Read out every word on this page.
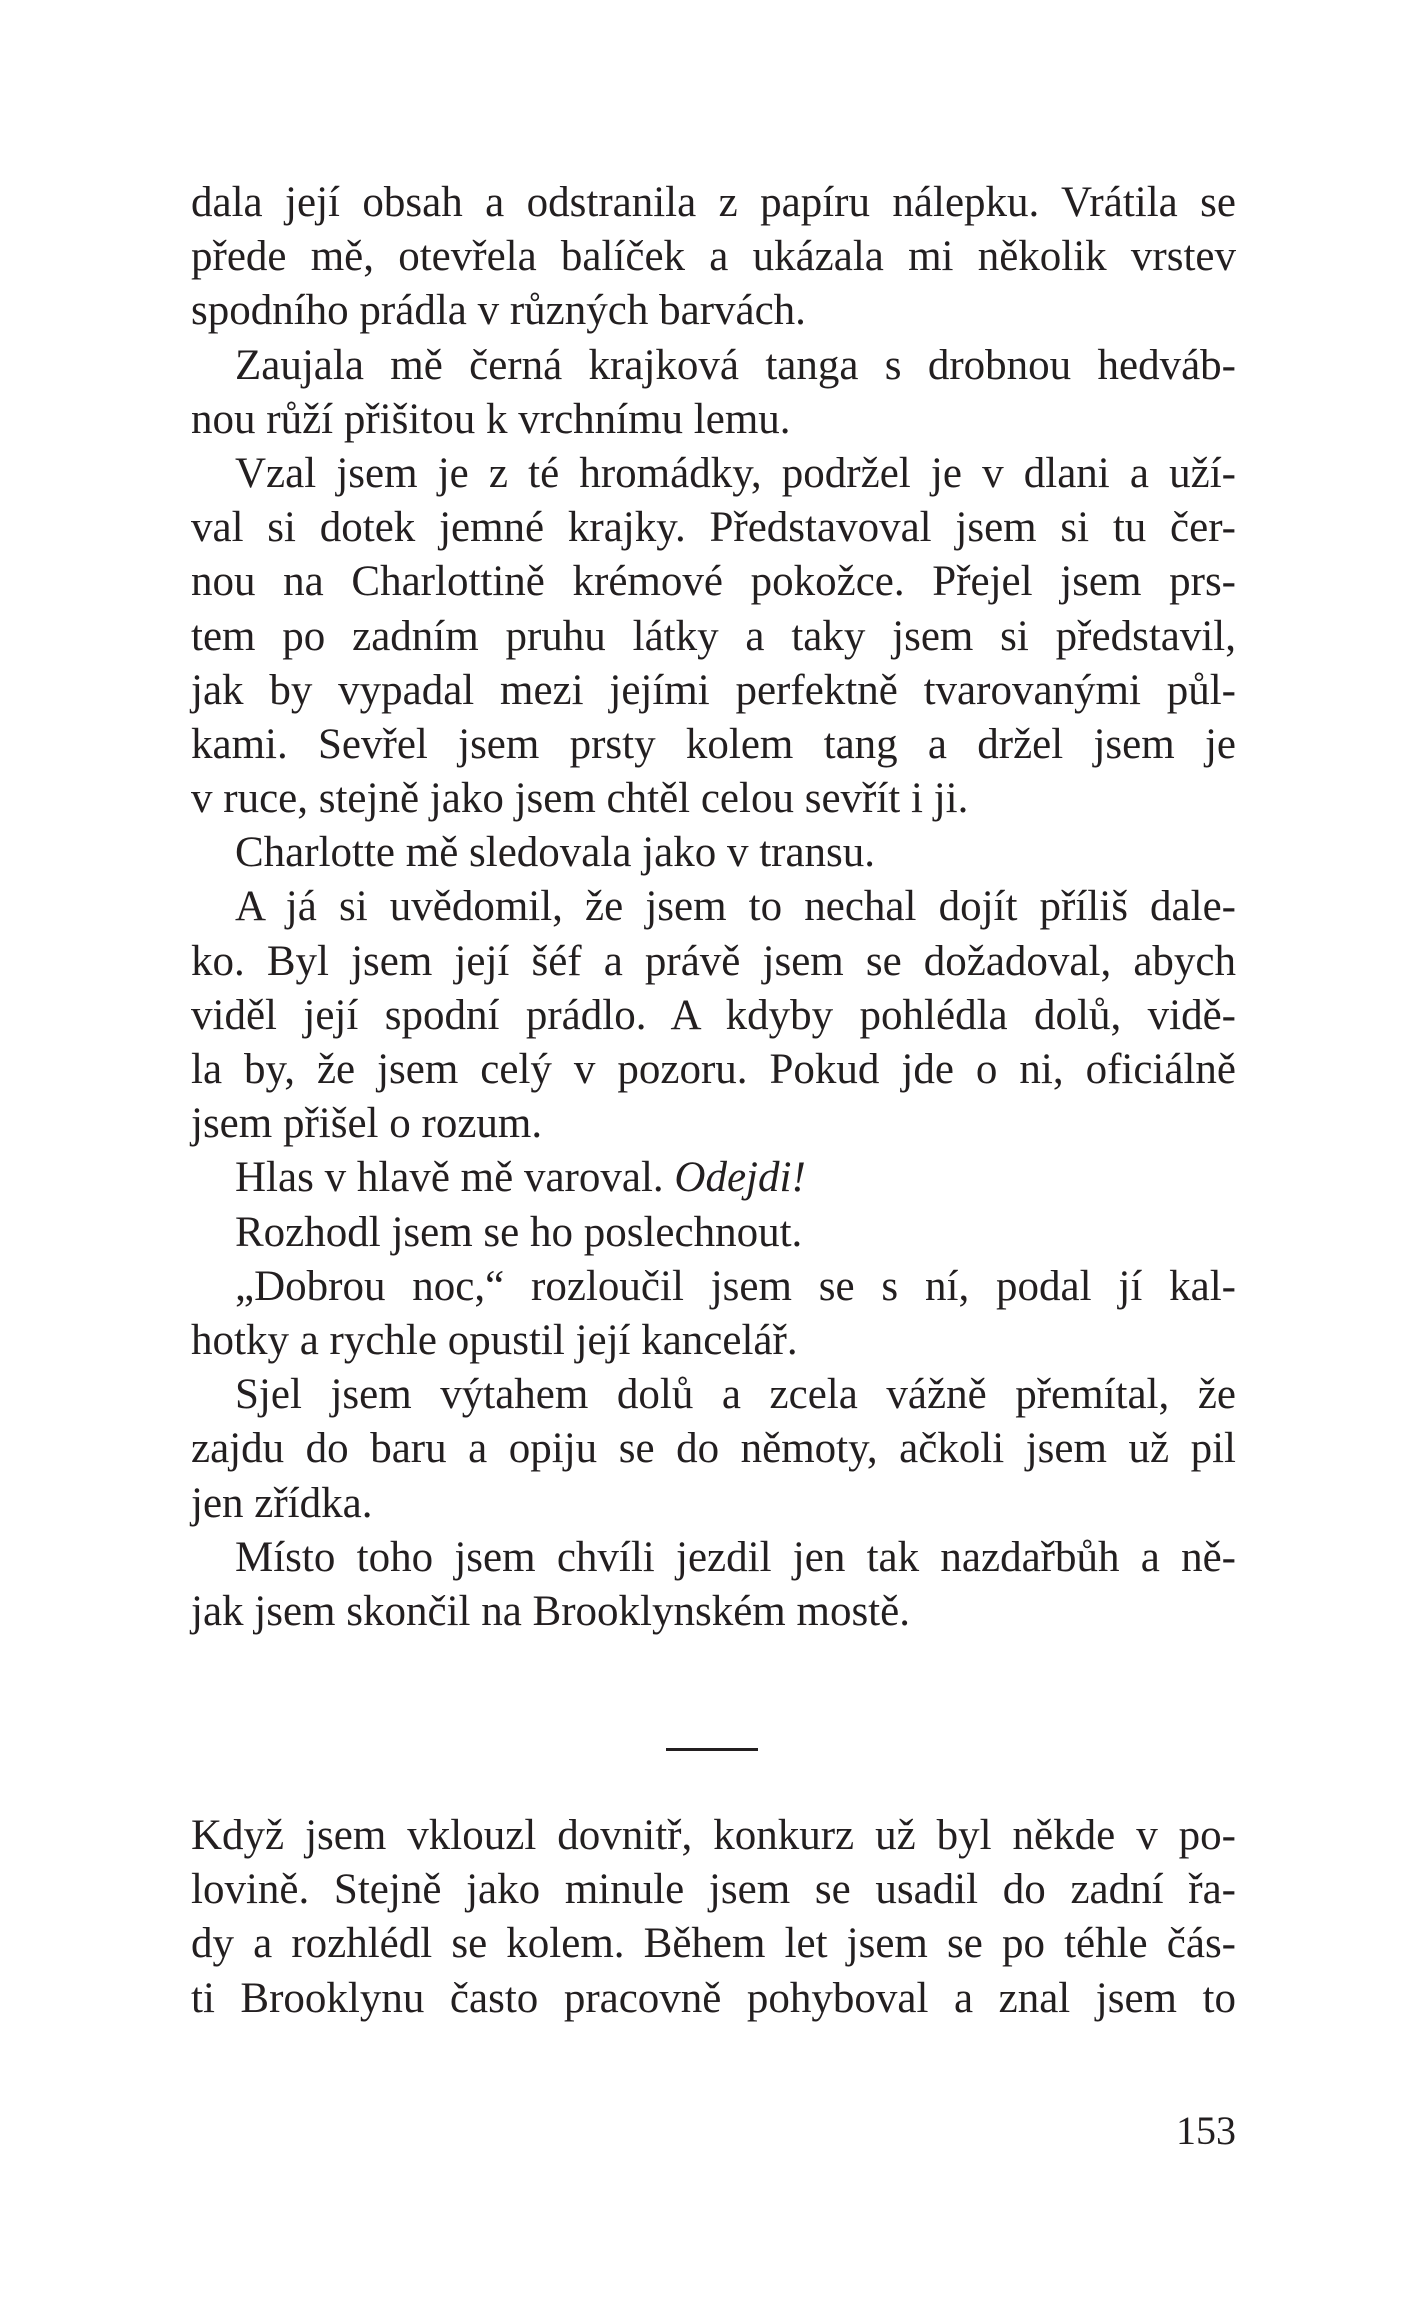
dala její obsah a odstranila z papíru nálepku. Vrátila se
přede mě, otevřela balíček a ukázala mi několik vrstev
spodního prádla v různých barvách.
Zaujala mě černá krajková tanga s drobnou hedváb-
nou růží přišitou k vrchnímu lemu.
Vzal jsem je z té hromádky, podržel je v dlani a uží-
val si dotek jemné krajky. Představoval jsem si tu čer-
nou na Charlottině krémové pokožce. Přejel jsem prs-
tem po zadním pruhu látky a taky jsem si představil,
jak by vypadal mezi jejími perfektně tvarovanými půl-
kami. Sevřel jsem prsty kolem tang a držel jsem je
v ruce, stejně jako jsem chtěl celou sevřít i ji.
Charlotte mě sledovala jako v transu.
A já si uvědomil, že jsem to nechal dojít příliš dale-
ko. Byl jsem její šéf a právě jsem se dožadoval, abych
viděl její spodní prádlo. A kdyby pohlédla dolů, vidě-
la by, že jsem celý v pozoru. Pokud jde o ni, oficiálně
jsem přišel o rozum.
Hlas v hlavě mě varoval. Odejdi!
Rozhodl jsem se ho poslechnout.
„Dobrou noc,“ rozloučil jsem se s ní, podal jí kal-
hotky a rychle opustil její kancelář.
Sjel jsem výtahem dolů a zcela vážně přemítal, že
zajdu do baru a opiju se do němoty, ačkoli jsem už pil
jen zřídka.
Místo toho jsem chvíli jezdil jen tak nazdařbůh a ně-
jak jsem skončil na Brooklynském mostě.
Když jsem vklouzl dovnitř, konkurz už byl někde v po-
lovině. Stejně jako minule jsem se usadil do zadní řa-
dy a rozhlédl se kolem. Během let jsem se po téhle čás-
ti Brooklynu často pracovně pohyboval a znal jsem to
153
